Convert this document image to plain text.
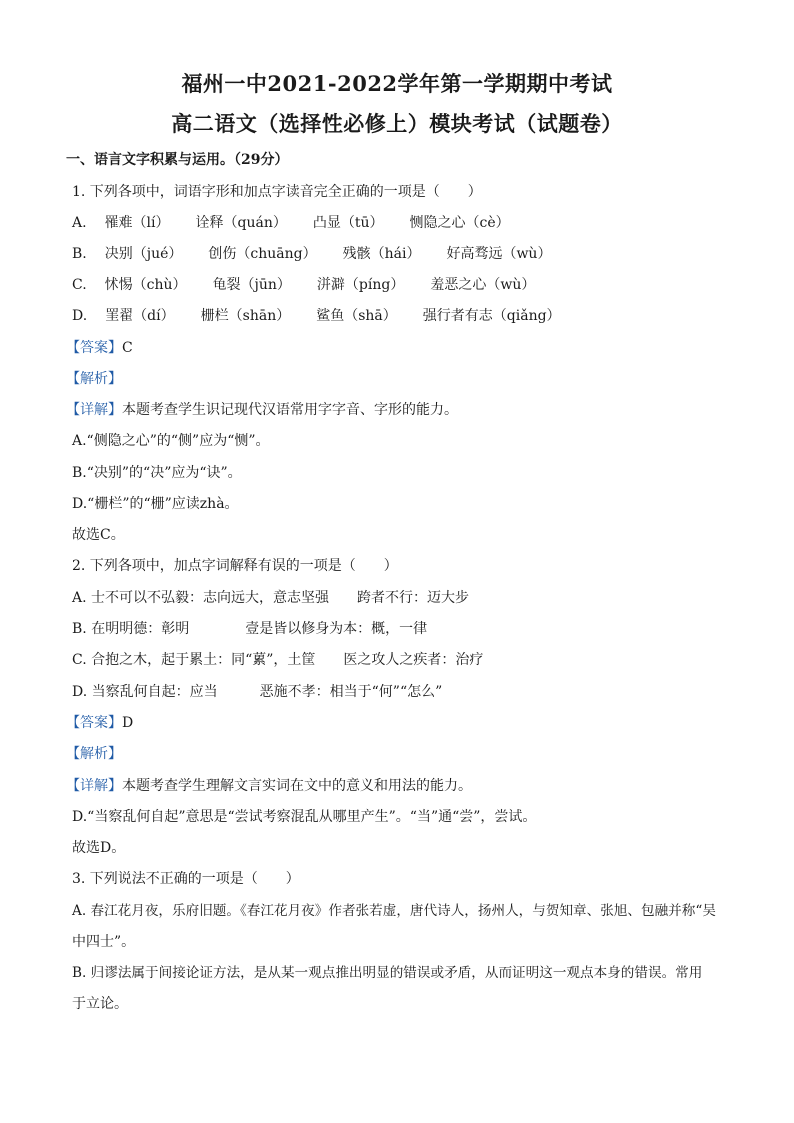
福州一中2021-2022学年第一学期期中考试
高二语文（选择性必修上）模块考试（试题卷）
一、语言文字积累与运用。（29分）
1. 下列各项中，词语字形和加点字读音完全正确的一项是（　　）
A. 罹难（lí） 诠释（quán） 凸显（tū） 恻隐之心（cè）
B. 决别（jué） 创伤（chuāng） 残骸（hái） 好高骛远（wù）
C. 怵惕（chù） 龟裂（jūn） 洴澼（píng） 羞恶之心（wù）
D. 罣翟（dí） 栅栏（shān） 鲨鱼（shā） 强行者有志（qiǎng）
【答案】C
【解析】
【详解】本题考查学生识记现代汉语常用字字音、字形的能力。
A.“侧隐之心”的“侧”应为“恻”。
B.“决别”的“决”应为“诀”。
D.“栅栏”的“栅”应读zhà。
故选C。
2. 下列各项中，加点字词解释有误的一项是（　　）
A. 士不可以不弘毅：志向远大，意志坚强　　跨者不行：迈大步
B. 在明明德：彰明　　　　壹是皆以修身为本：概，一律
C. 合抱之木，起于累土：同“蔂”，土筐　　医之攻人之疾者：治疗
D. 当察乱何自起：应当　　　恶施不孝：相当于“何”“怎么”
【答案】D
【解析】
【详解】本题考查学生理解文言实词在文中的意义和用法的能力。
D.“当察乱何自起”意思是“尝试考察混乱从哪里产生”。“当”通“尝”，尝试。
故选D。
3. 下列说法不正确的一项是（　　）
A. 春江花月夜，乐府旧题。《春江花月夜》作者张若虚，唐代诗人，扬州人，与贺知章、张旭、包融并称“吴
中四士”。
B. 归谬法属于间接论证方法，是从某一观点推出明显的错误或矛盾，从而证明这一观点本身的错误。常用
于立论。
